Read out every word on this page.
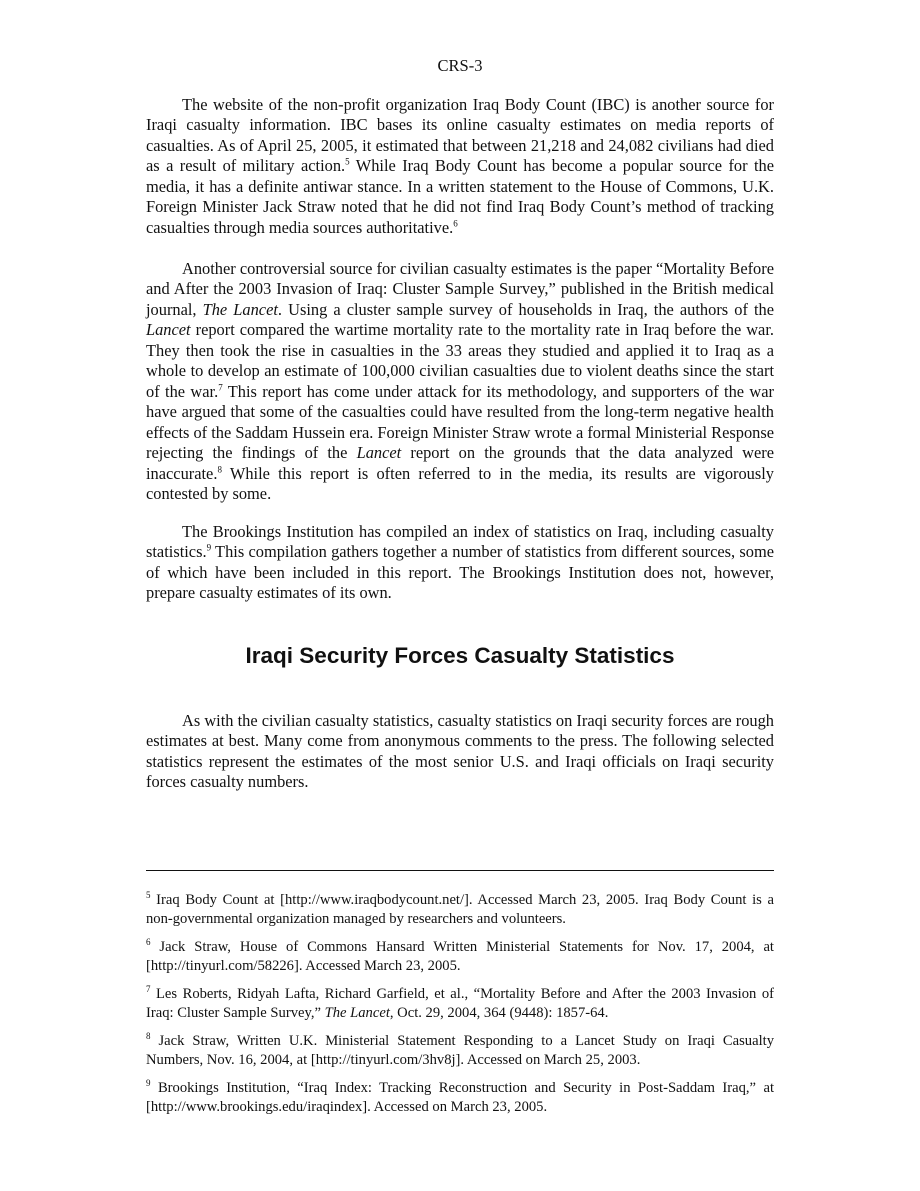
CRS-3

The website of the non-profit organization Iraq Body Count (IBC) is another source for Iraqi casualty information. IBC bases its online casualty estimates on media reports of casualties. As of April 25, 2005, it estimated that between 21,218 and 24,082 civilians had died as a result of military action.$^5$ While Iraq Body Count has become a popular source for the media, it has a definite antiwar stance. In a written statement to the House of Commons, U.K. Foreign Minister Jack Straw noted that he did not find Iraq Body Count’s method of tracking casualties through media sources authoritative.$^6$

Another controversial source for civilian casualty estimates is the paper “Mortality Before and After the 2003 Invasion of Iraq: Cluster Sample Survey,” published in the British medical journal, The Lancet. Using a cluster sample survey of households in Iraq, the authors of the Lancet report compared the wartime mortality rate to the mortality rate in Iraq before the war. They then took the rise in casualties in the 33 areas they studied and applied it to Iraq as a whole to develop an estimate of 100,000 civilian casualties due to violent deaths since the start of the war.$^7$ This report has come under attack for its methodology, and supporters of the war have argued that some of the casualties could have resulted from the long-term negative health effects of the Saddam Hussein era. Foreign Minister Straw wrote a formal Ministerial Response rejecting the findings of the Lancet report on the grounds that the data analyzed were inaccurate.$^8$ While this report is often referred to in the media, its results are vigorously contested by some.

The Brookings Institution has compiled an index of statistics on Iraq, including casualty statistics.$^9$ This compilation gathers together a number of statistics from different sources, some of which have been included in this report. The Brookings Institution does not, however, prepare casualty estimates of its own.

Iraqi Security Forces Casualty Statistics

As with the civilian casualty statistics, casualty statistics on Iraqi security forces are rough estimates at best. Many come from anonymous comments to the press. The following selected statistics represent the estimates of the most senior U.S. and Iraqi officials on Iraqi security forces casualty numbers.

$^5$ Iraq Body Count at [http://www.iraqbodycount.net/]. Accessed March 23, 2005. Iraq Body Count is a non-governmental organization managed by researchers and volunteers.

$^6$ Jack Straw, House of Commons Hansard Written Ministerial Statements for Nov. 17, 2004, at [http://tinyurl.com/58226]. Accessed March 23, 2005.

$^7$ Les Roberts, Ridyah Lafta, Richard Garfield, et al., “Mortality Before and After the 2003 Invasion of Iraq: Cluster Sample Survey,” The Lancet, Oct. 29, 2004, 364 (9448): 1857-64.

$^8$ Jack Straw, Written U.K. Ministerial Statement Responding to a Lancet Study on Iraqi Casualty Numbers, Nov. 16, 2004, at [http://tinyurl.com/3hv8j]. Accessed on March 25, 2003.

$^9$ Brookings Institution, “Iraq Index: Tracking Reconstruction and Security in Post-Saddam Iraq,” at [http://www.brookings.edu/iraqindex]. Accessed on March 23, 2005.
